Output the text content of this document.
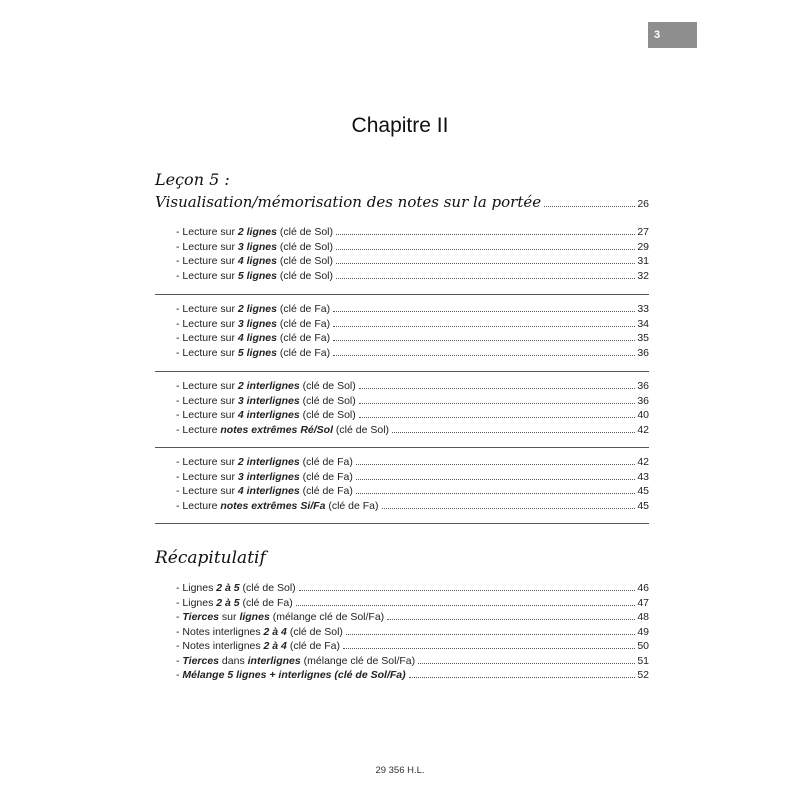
3
Chapitre II
Leçon 5 :
Visualisation/mémorisation des notes sur la portée	26
- Lecture sur 2 lignes (clé de Sol)	27
- Lecture sur 3 lignes (clé de Sol)	29
- Lecture sur 4 lignes (clé de Sol)	31
- Lecture sur 5 lignes (clé de Sol)	32
- Lecture sur 2 lignes (clé de Fa)	33
- Lecture sur 3 lignes (clé de Fa)	34
- Lecture sur 4 lignes (clé de Fa)	35
- Lecture sur 5 lignes (clé de Fa)	36
- Lecture sur 2 interlignes (clé de Sol)	36
- Lecture sur 3 interlignes (clé de Sol)	36
- Lecture sur 4 interlignes (clé de Sol)	40
- Lecture notes extrêmes Ré/Sol (clé de Sol)	42
- Lecture sur 2 interlignes (clé de Fa)	42
- Lecture sur 3 interlignes (clé de Fa)	43
- Lecture sur 4 interlignes (clé de Fa)	45
- Lecture notes extrêmes Si/Fa (clé de Fa)	45
Récapitulatif
- Lignes 2 à 5 (clé de Sol)	46
- Lignes 2 à 5 (clé de Fa)	47
- Tierces sur lignes (mélange clé de Sol/Fa)	48
- Notes interlignes 2 à 4 (clé de Sol)	49
- Notes interlignes 2 à 4 (clé de Fa)	50
- Tierces dans interlignes (mélange clé de Sol/Fa)	51
- Mélange 5 lignes + interlignes (clé de Sol/Fa)	52
29 356 H.L.
